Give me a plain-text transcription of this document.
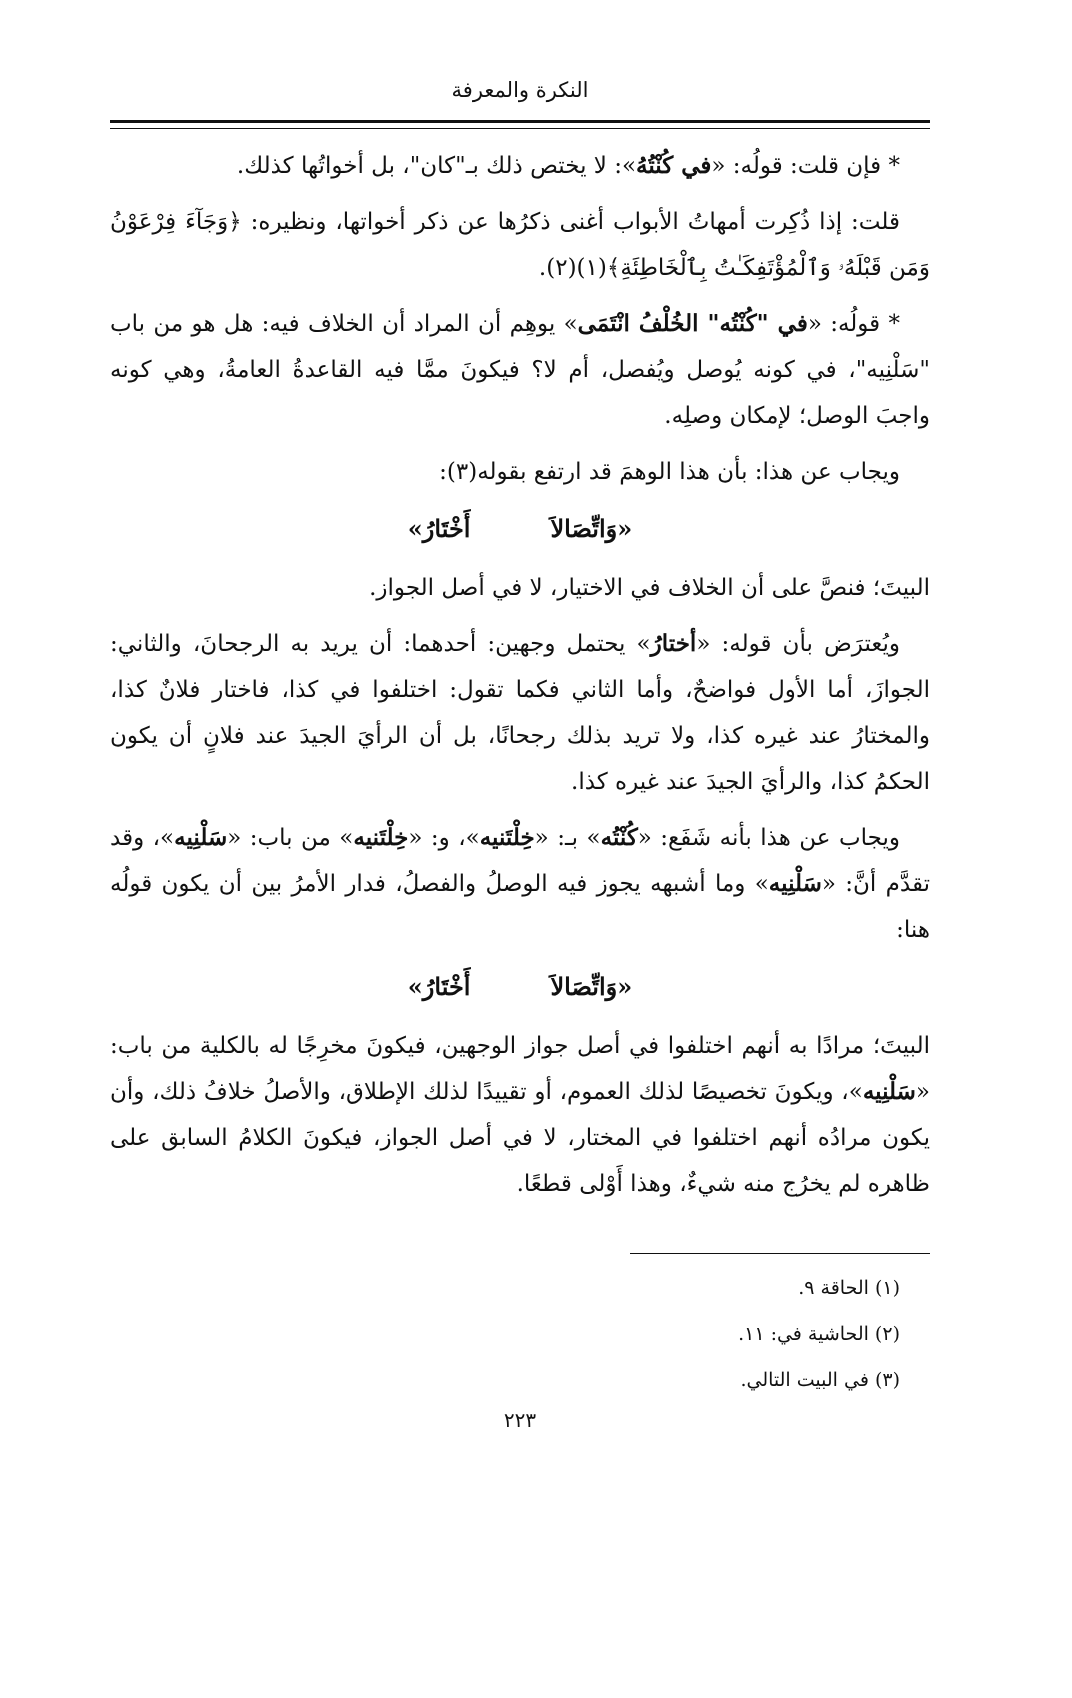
النكرة والمعرفة

* فإن قلت: قولُه: «في كُنْتُهُ»: لا يختص ذلك بـ"كان"، بل أخواتُها كذلك.

قلت: إذا ذُكِرت أمهاتُ الأبواب أغنى ذكرُها عن ذكر أخواتها، ونظيره: ﴿وَجَآءَ فِرْعَوْنُ وَمَن قَبْلَهُۥ وَٱلْمُؤْتَفِكَـٰتُ بِٱلْخَاطِئَةِ﴾(١)(٢).

* قولُه: «في "كُنْتُه" الخُلْفُ انْتَمَى» يوهِم أن المراد أن الخلاف فيه: هل هو من باب "سَلْنِيه"، في كونه يُوصل ويُفصل، أم لا؟ فيكونَ ممَّا فيه القاعدةُ العامةُ، وهي كونه واجبَ الوصل؛ لإمكان وصلِه.

ويجاب عن هذا: بأن هذا الوهمَ قد ارتفع بقوله(٣):

«وَاتِّصَالاَأَخْتَارُ»

البيتَ؛ فنصَّ على أن الخلاف في الاختيار، لا في أصل الجواز.

ويُعترَض بأن قوله: «أختارُ» يحتمل وجهين: أحدهما: أن يريد به الرجحانَ، والثاني: الجوازَ، أما الأول فواضحٌ، وأما الثاني فكما تقول: اختلفوا في كذا، فاختار فلانٌ كذا، والمختارُ عند غيره كذا، ولا تريد بذلك رجحانًا، بل أن الرأيَ الجيدَ عند فلانٍ أن يكون الحكمُ كذا، والرأيَ الجيدَ عند غيره كذا.

ويجاب عن هذا بأنه شَفَع: «كُنْتُه» بـ: «خِلْتَنيه»، و: «خِلْتَنيه» من باب: «سَلْنِيه»، وقد تقدَّم أنَّ: «سَلْنِيه» وما أشبهه يجوز فيه الوصلُ والفصلُ، فدار الأمرُ بين أن يكون قولُه هنا:

«وَاتِّصَالاَأَخْتَارُ»

البيتَ؛ مرادًا به أنهم اختلفوا في أصل جواز الوجهين، فيكونَ مخرِجًا له بالكلية من باب: «سَلْنِيه»، ويكونَ تخصيصًا لذلك العموم، أو تقييدًا لذلك الإطلاق، والأصلُ خلافُ ذلك، وأن يكون مرادُه أنهم اختلفوا في المختار، لا في أصل الجواز، فيكونَ الكلامُ السابق على ظاهره لم يخرُج منه شيءٌ، وهذا أَوْلى قطعًا.

(١) الحاقة ٩.

(٢) الحاشية في: ١١.

(٣) في البيت التالي.

٢٢٣
